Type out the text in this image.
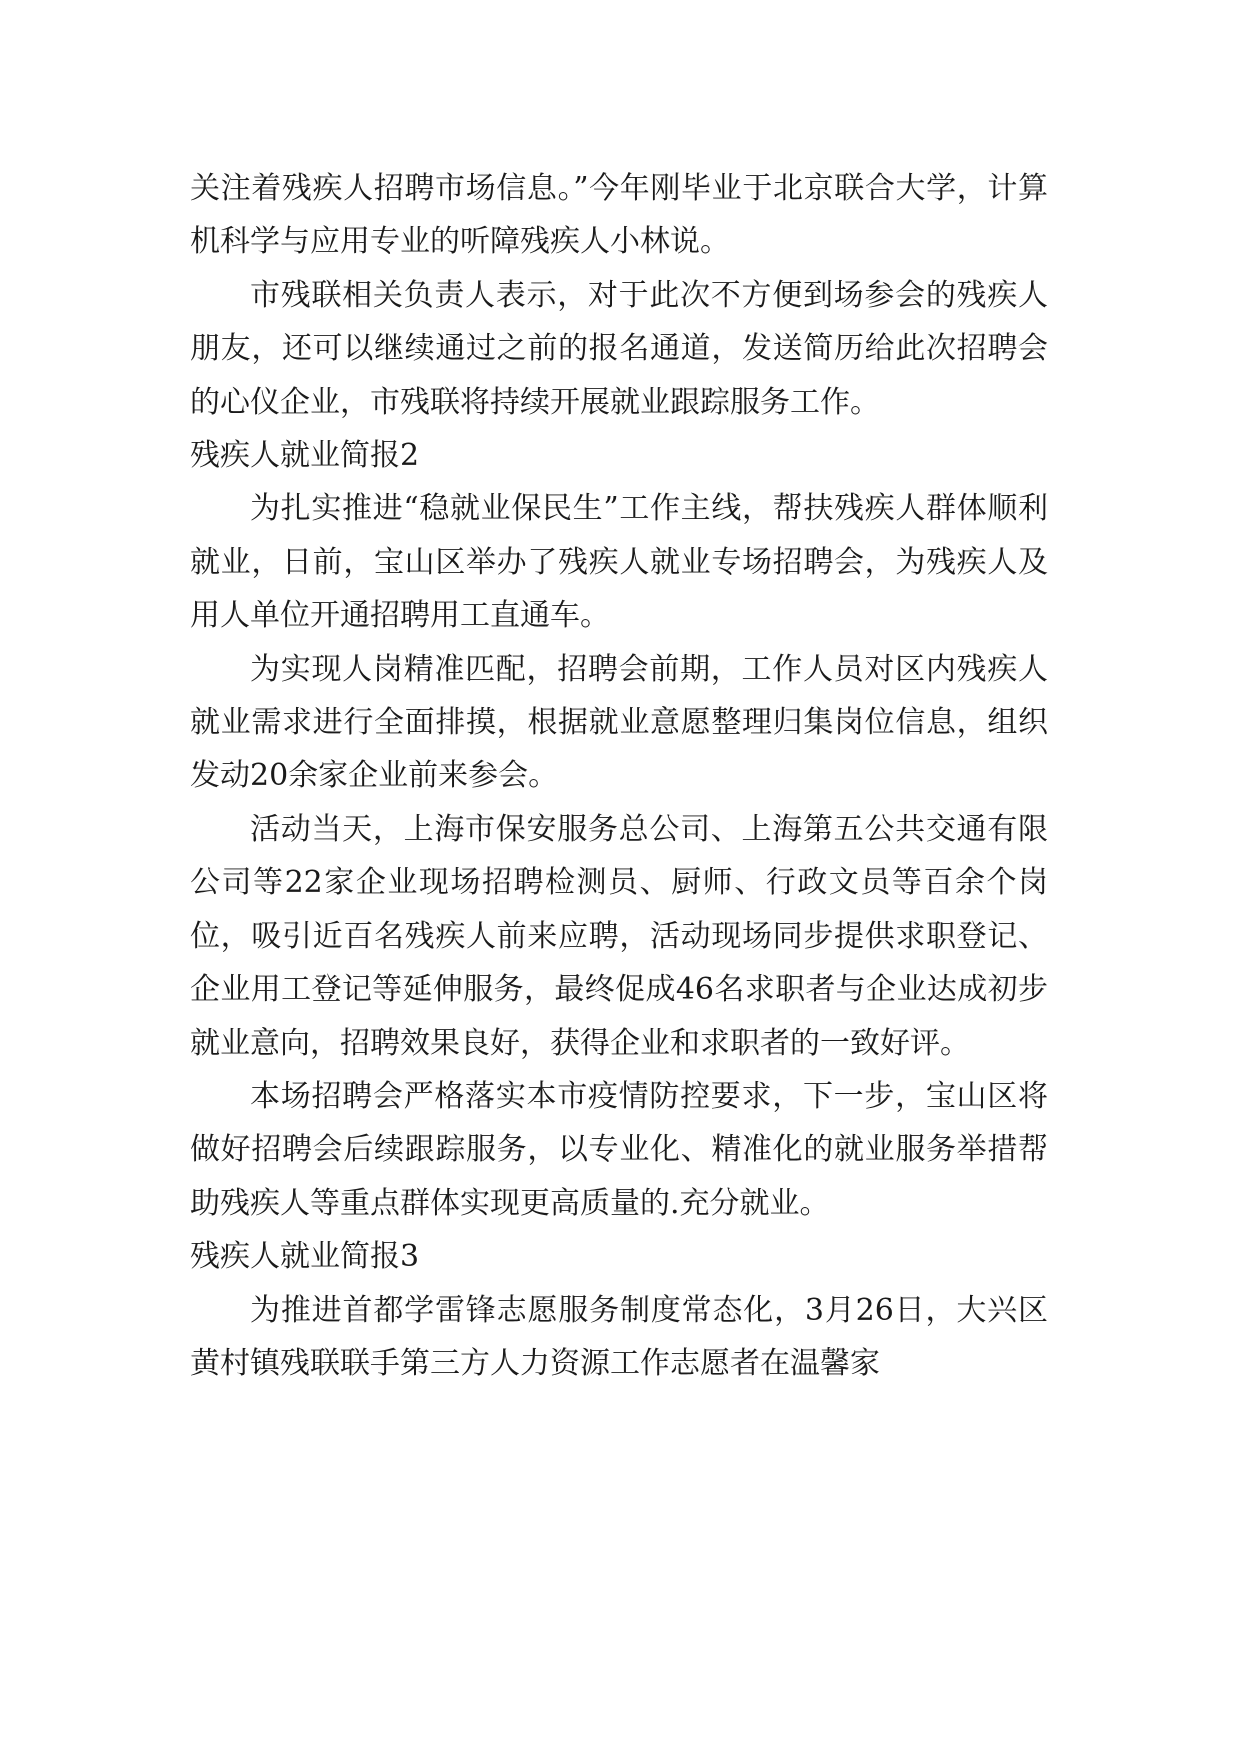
关注着残疾人招聘市场信息。”今年刚毕业于北京联合大学，计算机科学与应用专业的听障残疾人小林说。

市残联相关负责人表示，对于此次不方便到场参会的残疾人朋友，还可以继续通过之前的报名通道，发送简历给此次招聘会的心仪企业，市残联将持续开展就业跟踪服务工作。

残疾人就业简报2

为扎实推进“稳就业保民生”工作主线，帮扶残疾人群体顺利就业，日前，宝山区举办了残疾人就业专场招聘会，为残疾人及用人单位开通招聘用工直通车。

为实现人岗精准匹配，招聘会前期，工作人员对区内残疾人就业需求进行全面排摸，根据就业意愿整理归集岗位信息，组织发动20余家企业前来参会。

活动当天，上海市保安服务总公司、上海第五公共交通有限公司等22家企业现场招聘检测员、厨师、行政文员等百余个岗位，吸引近百名残疾人前来应聘，活动现场同步提供求职登记、企业用工登记等延伸服务，最终促成46名求职者与企业达成初步就业意向，招聘效果良好，获得企业和求职者的一致好评。

本场招聘会严格落实本市疫情防控要求，下一步，宝山区将做好招聘会后续跟踪服务，以专业化、精准化的就业服务举措帮助残疾人等重点群体实现更高质量的.充分就业。

残疾人就业简报3

为推进首都学雷锋志愿服务制度常态化，3月26日，大兴区黄村镇残联联手第三方人力资源工作志愿者在温馨家
